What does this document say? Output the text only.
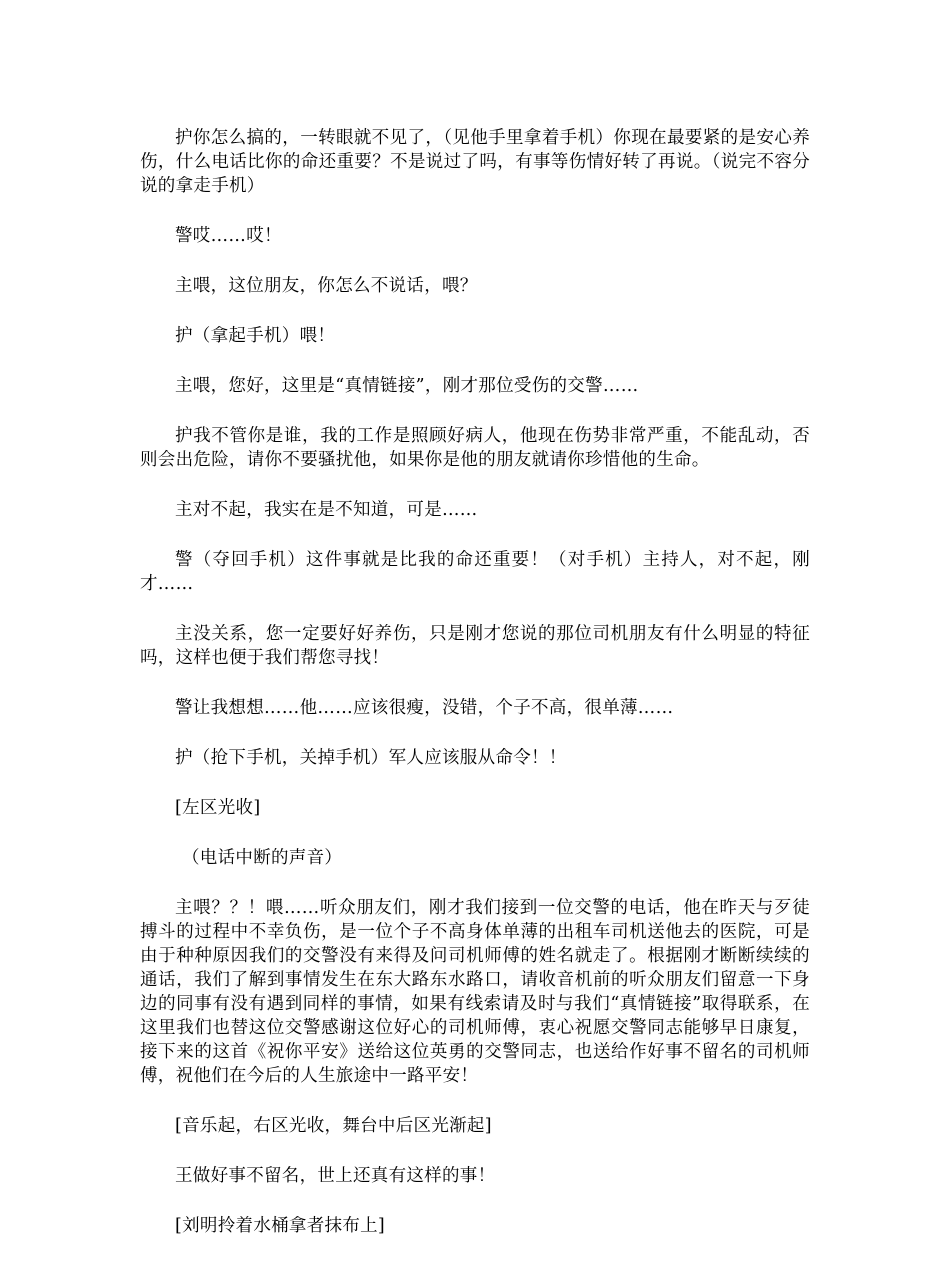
护你怎么搞的，一转眼就不见了，（见他手里拿着手机）你现在最要紧的是安心养伤，什么电话比你的命还重要？不是说过了吗，有事等伤情好转了再说。（说完不容分说的拿走手机）

警哎……哎！

主喂，这位朋友，你怎么不说话，喂？

护（拿起手机）喂！

主喂，您好，这里是“真情链接”，刚才那位受伤的交警……

护我不管你是谁，我的工作是照顾好病人，他现在伤势非常严重，不能乱动，否则会出危险，请你不要骚扰他，如果你是他的朋友就请你珍惜他的生命。

主对不起，我实在是不知道，可是……

警（夺回手机）这件事就是比我的命还重要！（对手机）主持人，对不起，刚才……

主没关系，您一定要好好养伤，只是刚才您说的那位司机朋友有什么明显的特征吗，这样也便于我们帮您寻找！

警让我想想……他……应该很瘦，没错，个子不高，很单薄……

护（抢下手机，关掉手机）军人应该服从命令！！

[左区光收]

（电话中断的声音）

主喂？？！喂……听众朋友们，刚才我们接到一位交警的电话，他在昨天与歹徒搏斗的过程中不幸负伤，是一位个子不高身体单薄的出租车司机送他去的医院，可是由于种种原因我们的交警没有来得及问司机师傅的姓名就走了。根据刚才断断续续的通话，我们了解到事情发生在东大路东水路口，请收音机前的听众朋友们留意一下身边的同事有没有遇到同样的事情，如果有线索请及时与我们“真情链接”取得联系，在这里我们也替这位交警感谢这位好心的司机师傅，衷心祝愿交警同志能够早日康复，接下来的这首《祝你平安》送给这位英勇的交警同志，也送给作好事不留名的司机师傅，祝他们在今后的人生旅途中一路平安！

[音乐起，右区光收，舞台中后区光渐起]

王做好事不留名，世上还真有这样的事！

[刘明拎着水桶拿者抹布上]
